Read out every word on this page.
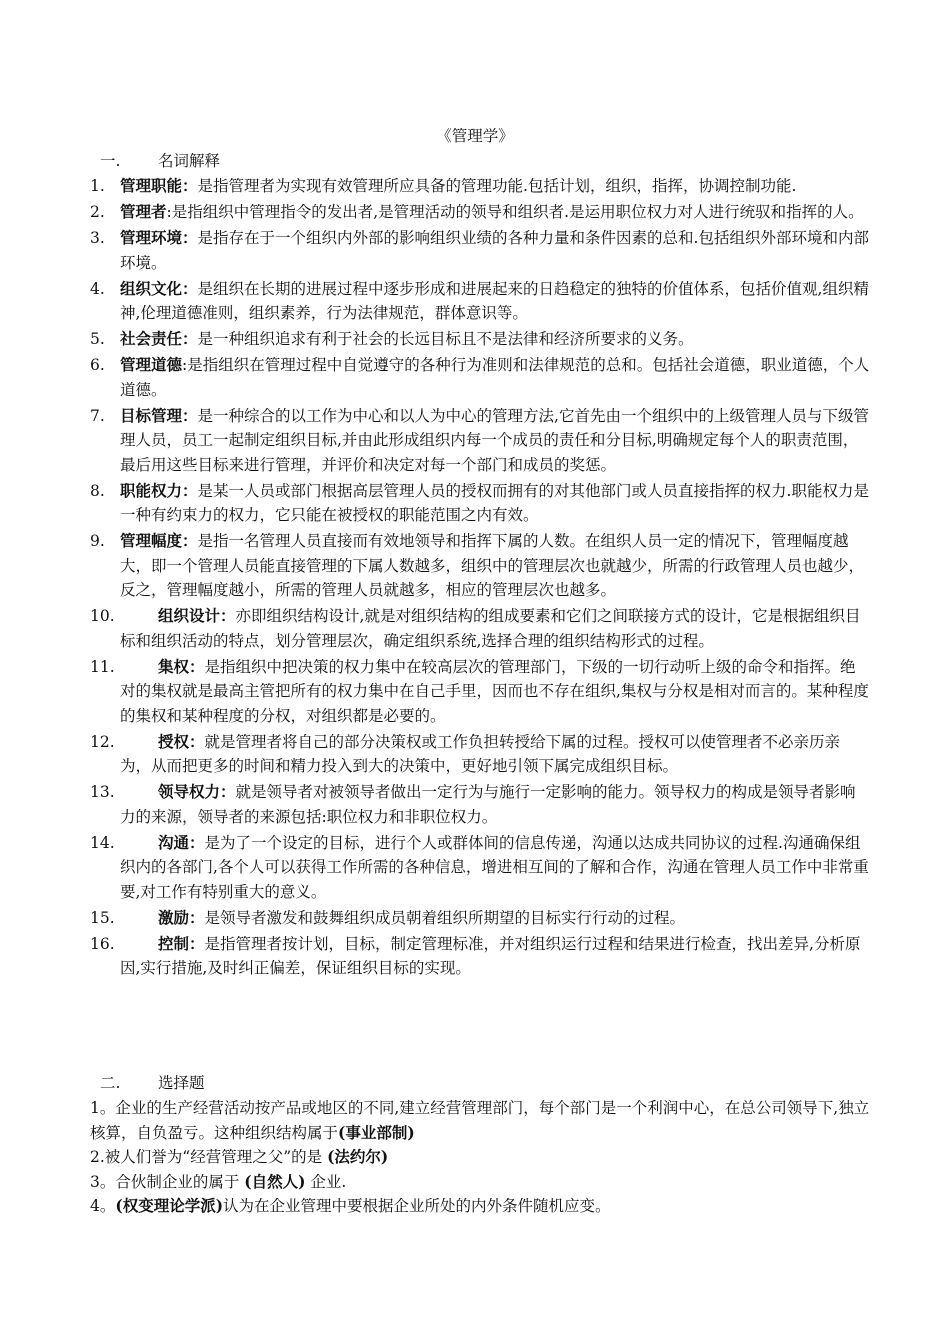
《管理学》
一. 名词解释
1. 管理职能：是指管理者为实现有效管理所应具备的管理功能.包括计划，组织，指挥，协调控制功能.
2. 管理者:是指组织中管理指令的发出者,是管理活动的领导和组织者.是运用职位权力对人进行统驭和指挥的人。
3. 管理环境：是指存在于一个组织内外部的影响组织业绩的各种力量和条件因素的总和.包括组织外部环境和内部环境。
4. 组织文化：是组织在长期的进展过程中逐步形成和进展起来的日趋稳定的独特的价值体系，包括价值观,组织精神,伦理道德准则，组织素养，行为法律规范，群体意识等。
5. 社会责任：是一种组织追求有利于社会的长远目标且不是法律和经济所要求的义务。
6. 管理道德:是指组织在管理过程中自觉遵守的各种行为准则和法律规范的总和。包括社会道德，职业道德，个人道德。
7. 目标管理：是一种综合的以工作为中心和以人为中心的管理方法,它首先由一个组织中的上级管理人员与下级管理人员，员工一起制定组织目标,并由此形成组织内每一个成员的责任和分目标,明确规定每个人的职责范围，最后用这些目标来进行管理，并评价和决定对每一个部门和成员的奖惩。
8. 职能权力：是某一人员或部门根据高层管理人员的授权而拥有的对其他部门或人员直接指挥的权力.职能权力是一种有约束力的权力，它只能在被授权的职能范围之内有效。
9. 管理幅度：是指一名管理人员直接而有效地领导和指挥下属的人数。在组织人员一定的情况下，管理幅度越大，即一个管理人员能直接管理的下属人数越多，组织中的管理层次也就越少，所需的行政管理人员也越少，反之，管理幅度越小，所需的管理人员就越多，相应的管理层次也越多。
10.	组织设计：亦即组织结构设计,就是对组织结构的组成要素和它们之间联接方式的设计，它是根据组织目标和组织活动的特点，划分管理层次，确定组织系统,选择合理的组织结构形式的过程。
11.	集权：是指组织中把决策的权力集中在较高层次的管理部门，下级的一切行动听上级的命令和指挥。绝对的集权就是最高主管把所有的权力集中在自己手里，因而也不存在组织,集权与分权是相对而言的。某种程度的集权和某种程度的分权，对组织都是必要的。
12.	授权：就是管理者将自己的部分决策权或工作负担转授给下属的过程。授权可以使管理者不必亲历亲为，从而把更多的时间和精力投入到大的决策中，更好地引领下属完成组织目标。
13.	领导权力：就是领导者对被领导者做出一定行为与施行一定影响的能力。领导权力的构成是领导者影响力的来源，领导者的来源包括:职位权力和非职位权力。
14.	沟通：是为了一个设定的目标，进行个人或群体间的信息传递，沟通以达成共同协议的过程.沟通确保组织内的各部门,各个人可以获得工作所需的各种信息，增进相互间的了解和合作，沟通在管理人员工作中非常重要,对工作有特别重大的意义。
15.	激励：是领导者激发和鼓舞组织成员朝着组织所期望的目标实行行动的过程。
16.	控制：是指管理者按计划，目标，制定管理标准，并对组织运行过程和结果进行检查，找出差异,分析原因,实行措施,及时纠正偏差，保证组织目标的实现。
二. 选择题
1。企业的生产经营活动按产品或地区的不同,建立经营管理部门，每个部门是一个利润中心，在总公司领导下,独立核算，自负盈亏。这种组织结构属于(事业部制)
2.被人们誉为“经营管理之父”的是 (法约尔)
3。合伙制企业的属于 (自然人) 企业.
4。(权变理论学派)认为在企业管理中要根据企业所处的内外条件随机应变。
